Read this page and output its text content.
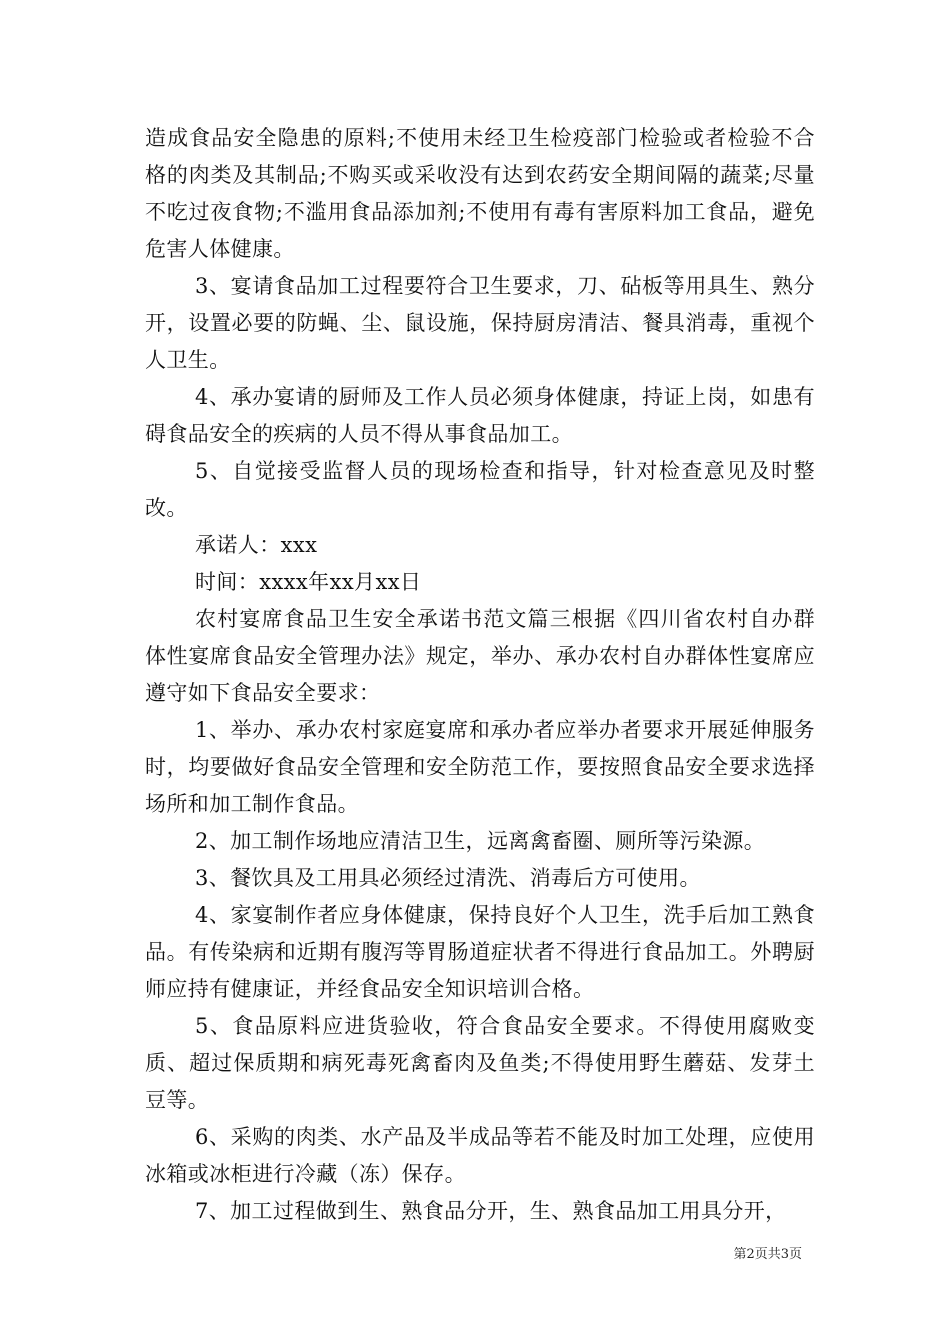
造成食品安全隐患的原料;不使用未经卫生检疫部门检验或者检验不合格的肉类及其制品;不购买或采收没有达到农药安全期间隔的蔬菜;尽量不吃过夜食物;不滥用食品添加剂;不使用有毒有害原料加工食品，避免危害人体健康。

3、宴请食品加工过程要符合卫生要求，刀、砧板等用具生、熟分开，设置必要的防蝇、尘、鼠设施，保持厨房清洁、餐具消毒，重视个人卫生。

4、承办宴请的厨师及工作人员必须身体健康，持证上岗，如患有碍食品安全的疾病的人员不得从事食品加工。

5、自觉接受监督人员的现场检查和指导，针对检查意见及时整改。

承诺人：xxx

时间：xxxx年xx月xx日

农村宴席食品卫生安全承诺书范文篇三根据《四川省农村自办群体性宴席食品安全管理办法》规定，举办、承办农村自办群体性宴席应遵守如下食品安全要求：

1、举办、承办农村家庭宴席和承办者应举办者要求开展延伸服务时，均要做好食品安全管理和安全防范工作，要按照食品安全要求选择场所和加工制作食品。

2、加工制作场地应清洁卫生，远离禽畜圈、厕所等污染源。

3、餐饮具及工用具必须经过清洗、消毒后方可使用。

4、家宴制作者应身体健康，保持良好个人卫生，洗手后加工熟食品。有传染病和近期有腹泻等胃肠道症状者不得进行食品加工。外聘厨师应持有健康证，并经食品安全知识培训合格。

5、食品原料应进货验收，符合食品安全要求。不得使用腐败变质、超过保质期和病死毒死禽畜肉及鱼类;不得使用野生蘑菇、发芽土豆等。

6、采购的肉类、水产品及半成品等若不能及时加工处理，应使用冰箱或冰柜进行冷藏（冻）保存。

7、加工过程做到生、熟食品分开，生、熟食品加工用具分开，

第2页共3页
